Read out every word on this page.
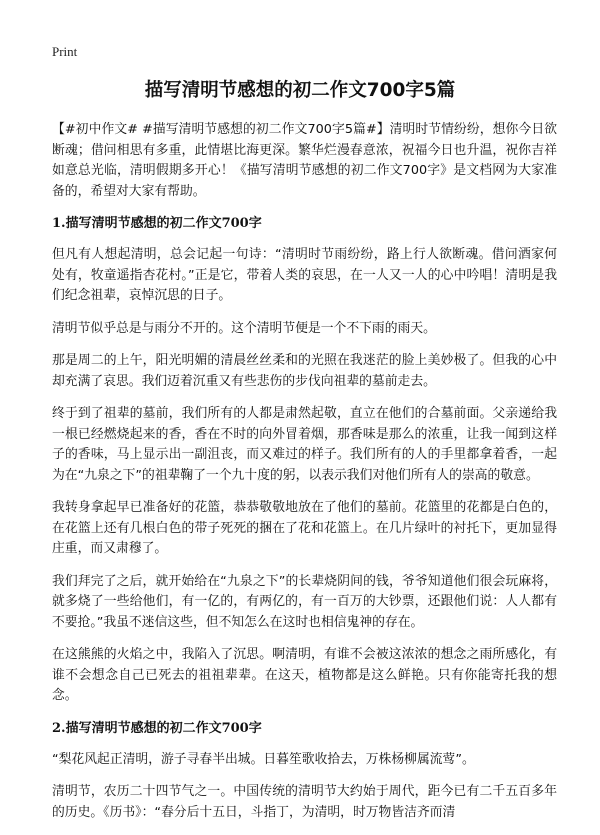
Print
描写清明节感想的初二作文700字5篇

【#初中作文# #描写清明节感想的初二作文700字5篇#】清明时节情纷纷，想你今日欲断魂；借问相思有多重，此情堪比海更深。繁华烂漫春意浓，祝福今日也升温，祝你吉祥如意总光临，清明假期多开心！《描写清明节感想的初二作文700字》是文档网为大家准备的，希望对大家有帮助。

1.描写清明节感想的初二作文700字

但凡有人想起清明，总会记起一句诗：“清明时节雨纷纷，路上行人欲断魂。借问酒家何处有，牧童遥指杏花村。”正是它，带着人类的哀思，在一人又一人的心中吟唱！清明是我们纪念祖辈，哀悼沉思的日子。

清明节似乎总是与雨分不开的。这个清明节便是一个不下雨的雨天。

那是周二的上午，阳光明媚的清晨丝丝柔和的光照在我迷茫的脸上美妙极了。但我的心中却充满了哀思。我们迈着沉重又有些悲伤的步伐向祖辈的墓前走去。

终于到了祖辈的墓前，我们所有的人都是肃然起敬，直立在他们的合墓前面。父亲递给我一根已经燃烧起来的香，香在不时的向外冒着烟，那香味是那么的浓重，让我一闻到这样子的香味，马上显示出一副沮丧，而又难过的样子。我们所有的人的手里都拿着香，一起为在“九泉之下”的祖辈鞠了一个九十度的躬，以表示我们对他们所有人的崇高的敬意。

我转身拿起早已准备好的花篮，恭恭敬敬地放在了他们的墓前。花篮里的花都是白色的，在花篮上还有几根白色的带子死死的捆在了花和花篮上。在几片绿叶的衬托下，更加显得庄重，而又肃穆了。

我们拜完了之后，就开始给在“九泉之下”的长辈烧阴间的钱，爷爷知道他们很会玩麻将，就多烧了一些给他们，有一亿的，有两亿的，有一百万的大钞票，还跟他们说：人人都有不要抢。”我虽不迷信这些，但不知怎么在这时也相信鬼神的存在。

在这熊熊的火焰之中，我陷入了沉思。啊清明，有谁不会被这浓浓的想念之雨所感化，有谁不会想念自己已死去的祖祖辈辈。在这天，植物都是这么鲜艳。只有你能寄托我的想念。

2.描写清明节感想的初二作文700字

“梨花风起正清明，游子寻春半出城。日暮笙歌收拾去，万株杨柳属流莺”。

清明节，农历二十四节气之一。中国传统的清明节大约始于周代，距今已有二千五百多年的历史。《历书》：“春分后十五日，斗指丁，为清明，时万物皆洁齐而清
